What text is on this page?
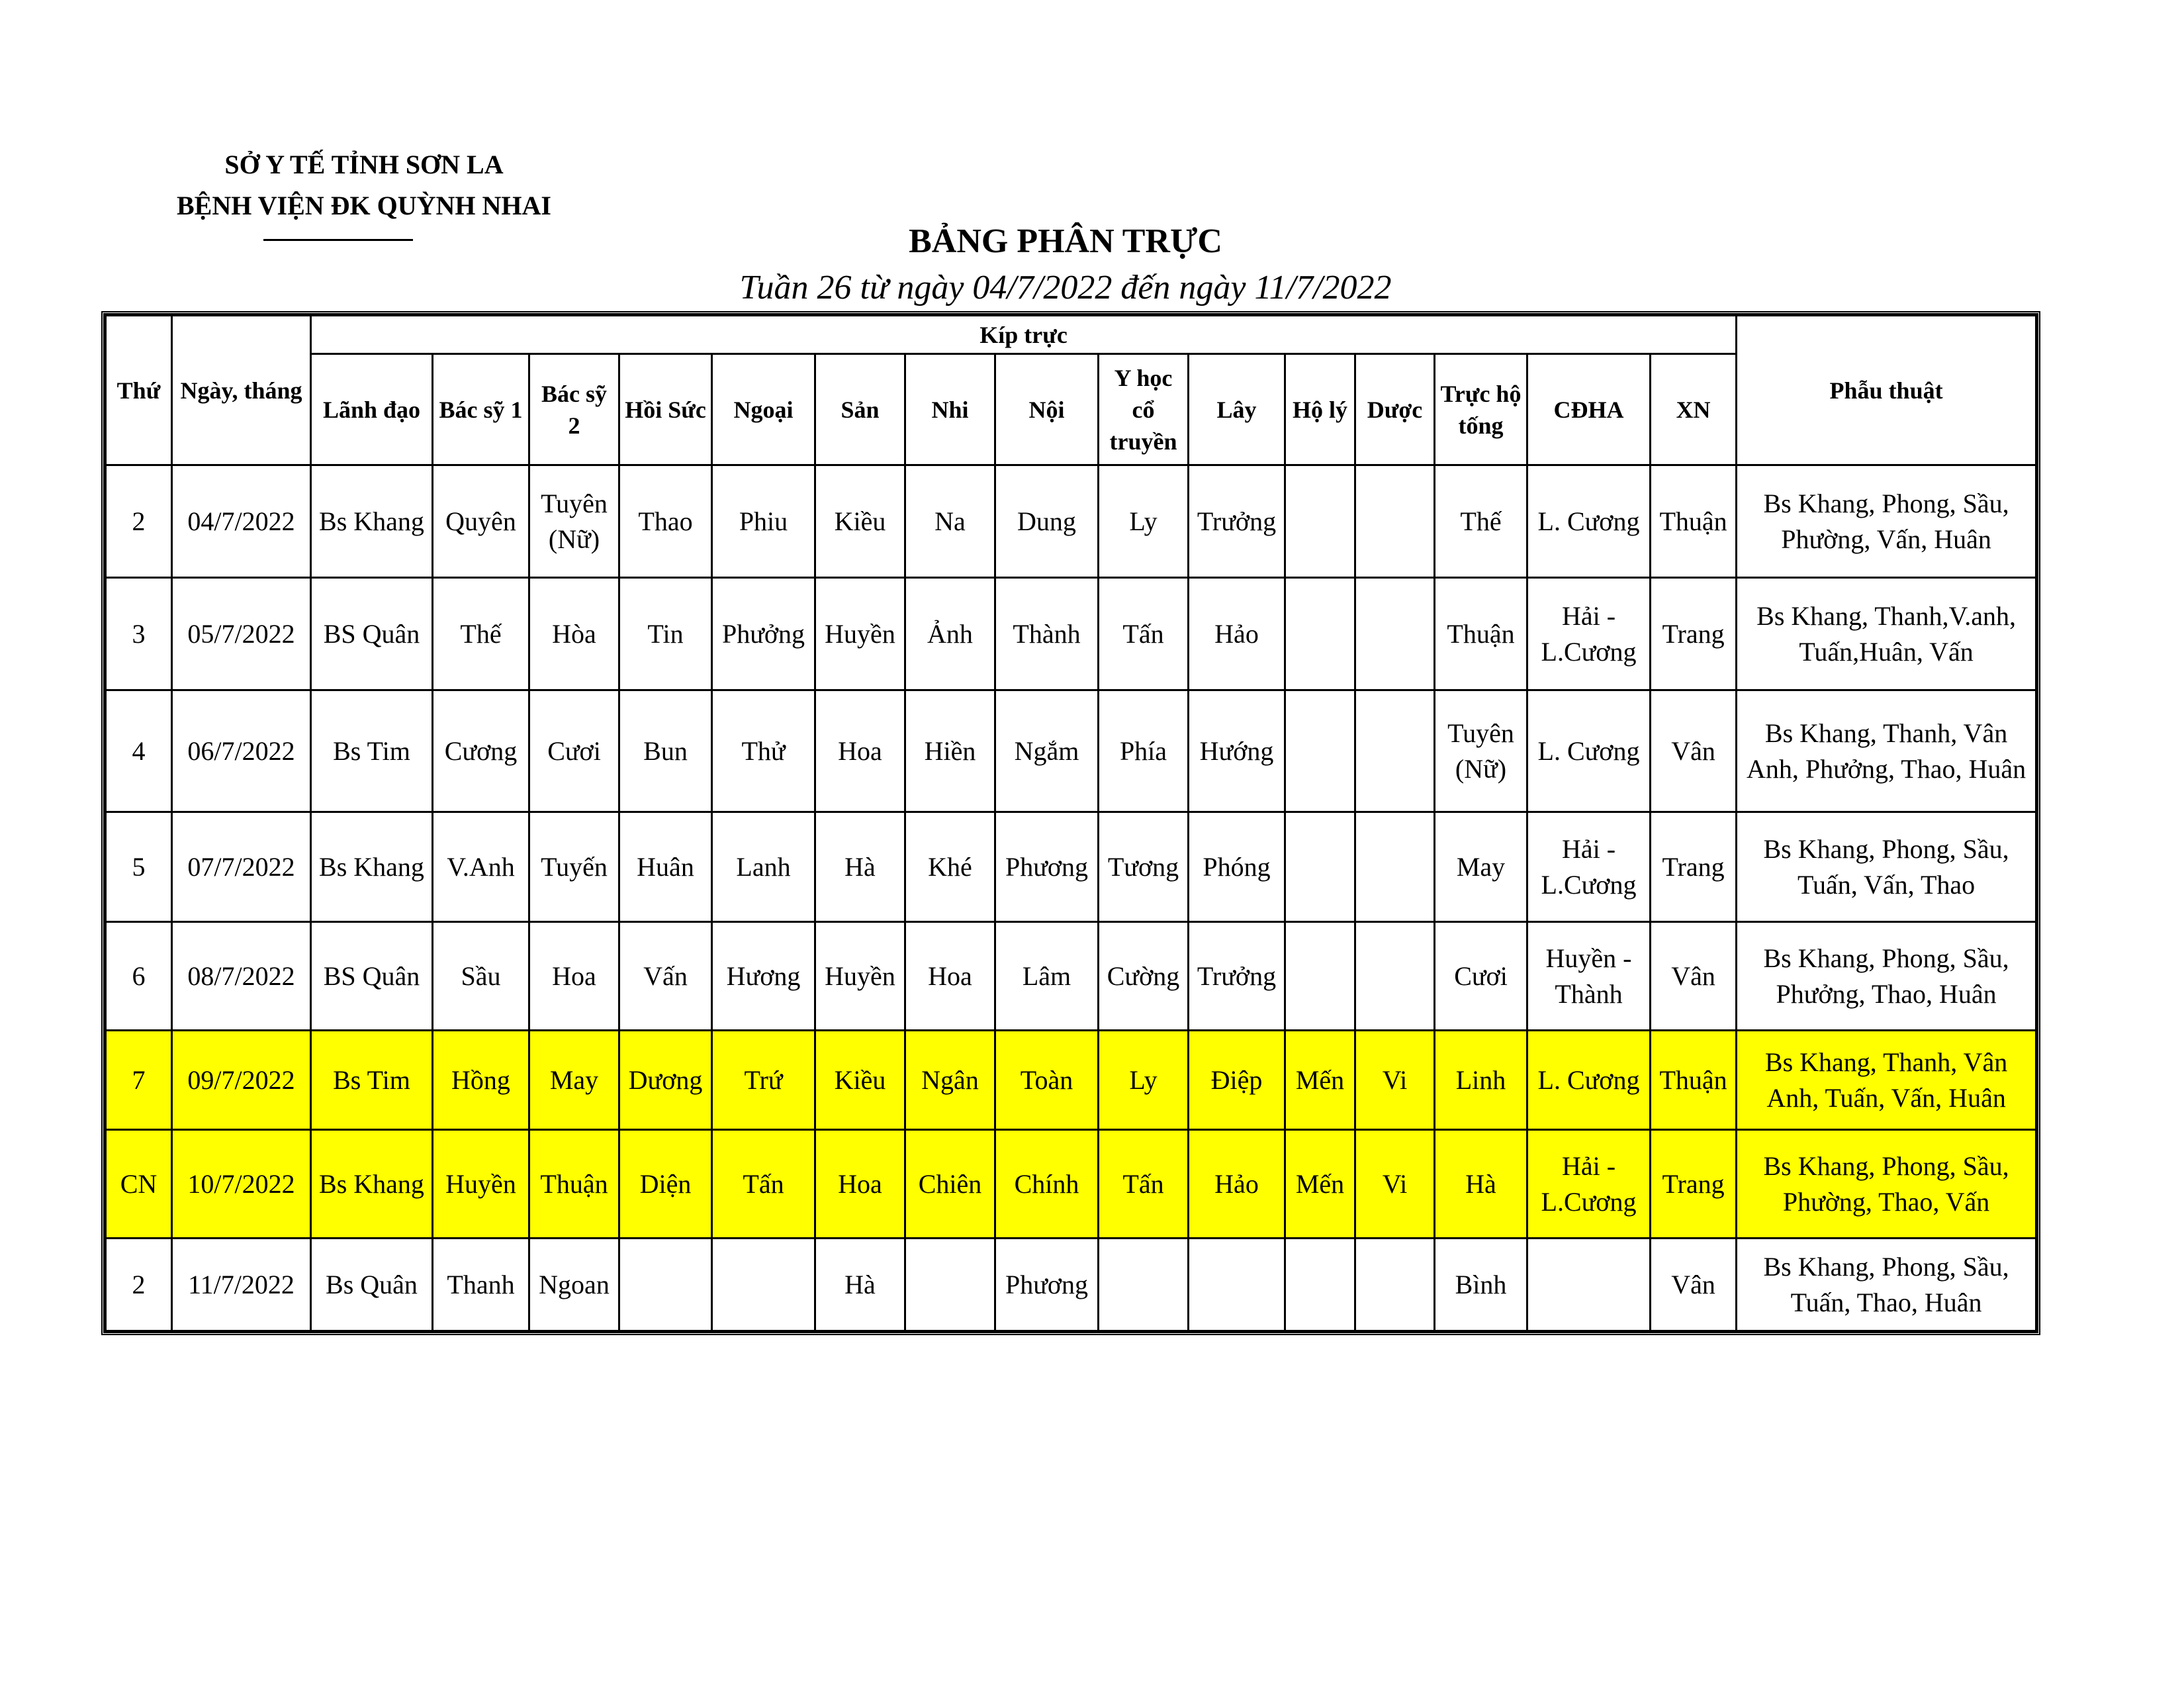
SỞ Y TẾ TỈNH SƠN LA
BỆNH VIỆN ĐK QUỲNH NHAI
BẢNG PHÂN TRỰC
Tuần 26 từ ngày 04/7/2022 đến ngày 11/7/2022
Thứ	Ngày, tháng	Kíp trực															Phẫu thuật
		Lãnh đạo	Bác sỹ 1	Bác sỹ 2	Hồi Sức	Ngoại	Sản	Nhi	Nội	Y học cổ truyền	Lây	Hộ lý	Dược	Trực hộ tống	CĐHA	XN	
2	04/7/2022	Bs Khang	Quyên	Tuyên (Nữ)	Thao	Phiu	Kiều	Na	Dung	Ly	Trưởng			Thế	L. Cương	Thuận	Bs Khang, Phong, Sầu, Phường, Vấn, Huân
3	05/7/2022	BS Quân	Thế	Hòa	Tin	Phưởng	Huyền	Ảnh	Thành	Tấn	Hảo			Thuận	Hải - L.Cương	Trang	Bs Khang, Thanh,V.anh, Tuấn,Huân, Vấn
4	06/7/2022	Bs Tim	Cương	Cươi	Bun	Thử	Hoa	Hiền	Ngắm	Phía	Hướng			Tuyên (Nữ)	L. Cương	Vân	Bs Khang, Thanh, Vân Anh, Phưởng, Thao, Huân
5	07/7/2022	Bs Khang	V.Anh	Tuyến	Huân	Lanh	Hà	Khé	Phương	Tương	Phóng			May	Hải - L.Cương	Trang	Bs Khang, Phong, Sầu, Tuấn, Vấn, Thao
6	08/7/2022	BS Quân	Sầu	Hoa	Vấn	Hương	Huyền	Hoa	Lâm	Cường	Trưởng			Cươi	Huyền - Thành	Vân	Bs Khang, Phong, Sầu, Phưởng, Thao, Huân
7	09/7/2022	Bs Tim	Hồng	May	Dương	Trứ	Kiều	Ngân	Toàn	Ly	Điệp	Mến	Vi	Linh	L. Cương	Thuận	Bs Khang, Thanh, Vân Anh, Tuấn, Vấn, Huân
CN	10/7/2022	Bs Khang	Huyền	Thuận	Diện	Tấn	Hoa	Chiên	Chính	Tấn	Hảo	Mến	Vi	Hà	Hải - L.Cương	Trang	Bs Khang, Phong, Sầu, Phường, Thao, Vấn
2	11/7/2022	Bs Quân	Thanh	Ngoan			Hà		Phương					Bình		Vân	Bs Khang, Phong, Sầu, Tuấn, Thao, Huân
